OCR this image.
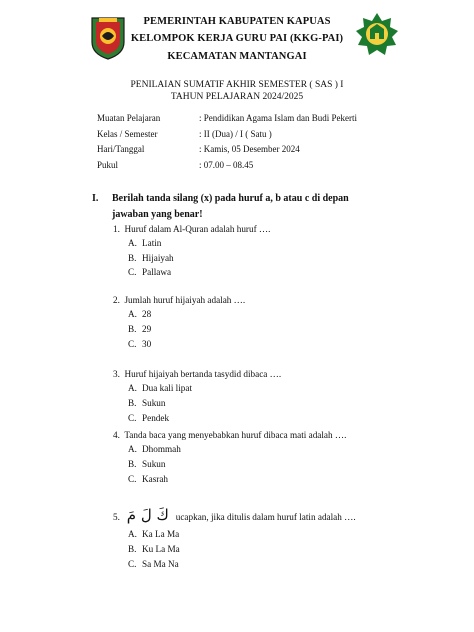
PEMERINTAH KABUPATEN KAPUAS
KELOMPOK KERJA GURU PAI (KKG-PAI)
KECAMATAN MANTANGAI
PENILAIAN SUMATIF AKHIR SEMESTER ( SAS ) I
TAHUN PELAJARAN 2024/2025
Muatan Pelajaran	: Pendidikan Agama Islam dan Budi Pekerti
Kelas / Semester	: II (Dua) / I ( Satu )
Hari/Tanggal	: Kamis, 05 Desember 2024
Pukul	: 07.00 – 08.45
I. Berilah tanda silang (x) pada huruf a, b atau c di depan
jawaban yang benar!
1. Huruf dalam Al-Quran adalah huruf ….
A. Latin
B. Hijaiyah
C. Pallawa
2. Jumlah huruf hijaiyah adalah ….
A. 28
B. 29
C. 30
3. Huruf hijaiyah bertanda tasydid dibaca ….
A. Dua kali lipat
B. Sukun
C. Pendek
4. Tanda baca yang menyebabkan huruf dibaca mati adalah ….
A. Dhommah
B. Sukun
C. Kasrah
5. كَ لَ مَ ucapkan, jika ditulis dalam huruf latin adalah ….
A. Ka La Ma
B. Ku La Ma
C. Sa Ma Na
